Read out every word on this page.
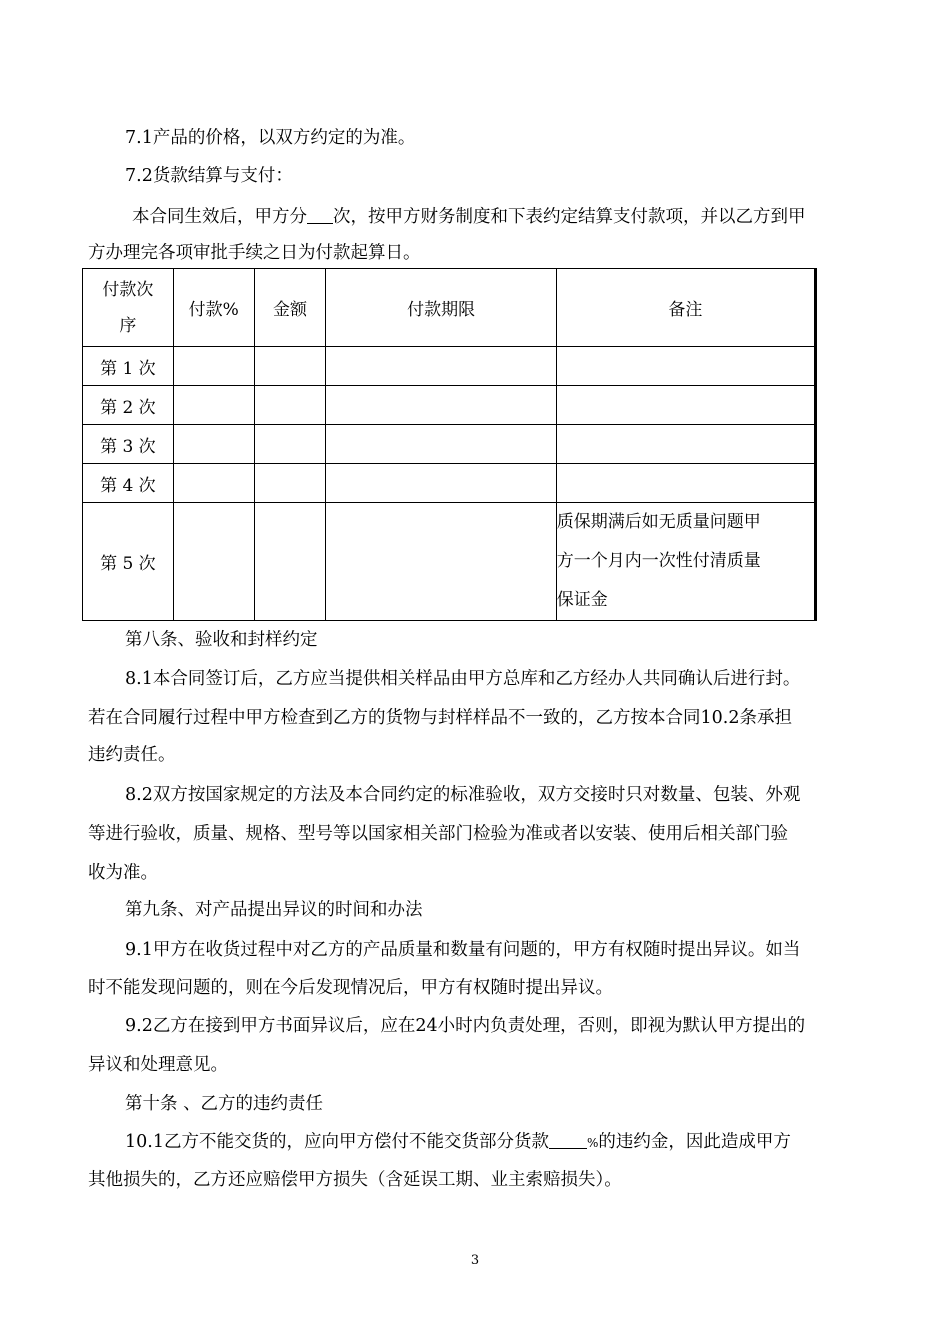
7.1产品的价格，以双方约定的为准。
7.2货款结算与支付：
本合同生效后，甲方分 次，按甲方财务制度和下表约定结算支付款项，并以乙方到甲
方办理完各项审批手续之日为付款起算日。
付款次
序	付款%	金额	付款期限	备注
第 1 次				
第 2 次				
第 3 次				
第 4 次				
第 5 次				质保期满后如无质量问题甲
方一个月内一次性付清质量
保证金
第八条、验收和封样约定
8.1本合同签订后，乙方应当提供相关样品由甲方总库和乙方经办人共同确认后进行封。
若在合同履行过程中甲方检查到乙方的货物与封样样品不一致的，乙方按本合同10.2条承担
违约责任。
8.2双方按国家规定的方法及本合同约定的标准验收，双方交接时只对数量、包装、外观
等进行验收，质量、规格、型号等以国家相关部门检验为准或者以安装、使用后相关部门验
收为准。
第九条、对产品提出异议的时间和办法
9.1甲方在收货过程中对乙方的产品质量和数量有问题的，甲方有权随时提出异议。如当
时不能发现问题的，则在今后发现情况后，甲方有权随时提出异议。
9.2乙方在接到甲方书面异议后，应在24小时内负责处理，否则，即视为默认甲方提出的
异议和处理意见。
第十条 、乙方的违约责任
10.1乙方不能交货的，应向甲方偿付不能交货部分货款	%的违约金，因此造成甲方
其他损失的，乙方还应赔偿甲方损失（含延误工期、业主索赔损失）。
3
